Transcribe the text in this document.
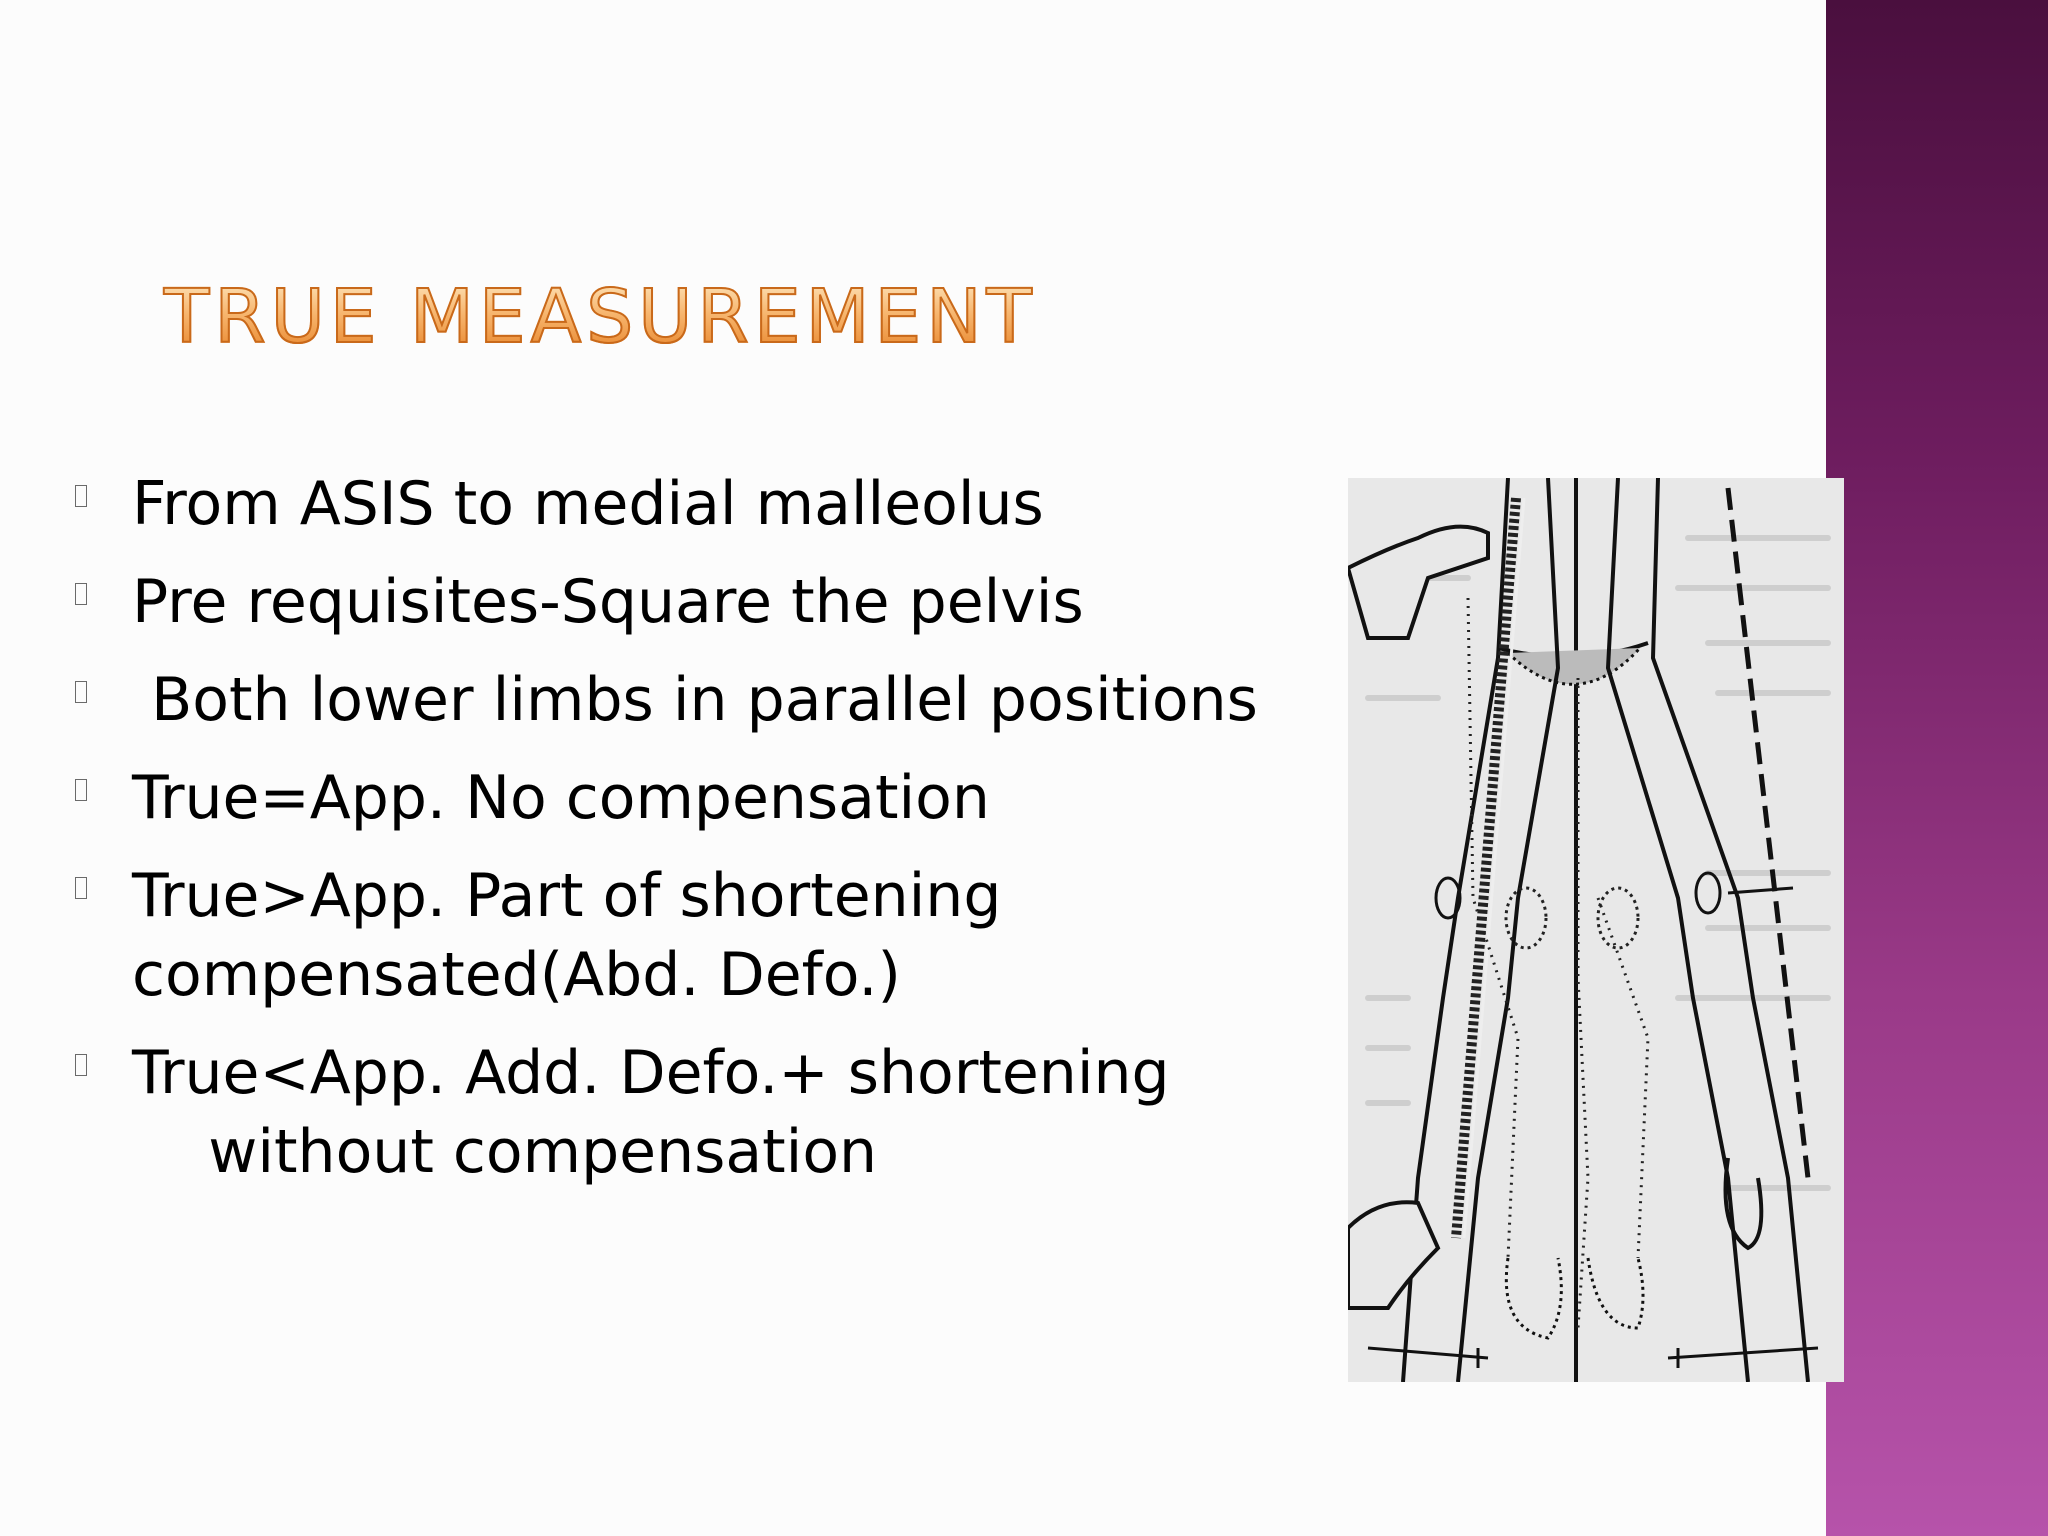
TRUE MEASUREMENT
From ASIS to medial malleolus
Pre requisites-Square the pelvis
Both lower limbs in parallel positions
True=App. No compensation
True>App. Part of shortening
compensated(Abd. Defo.)
True<App. Add. Defo.+ shortening
without compensation
